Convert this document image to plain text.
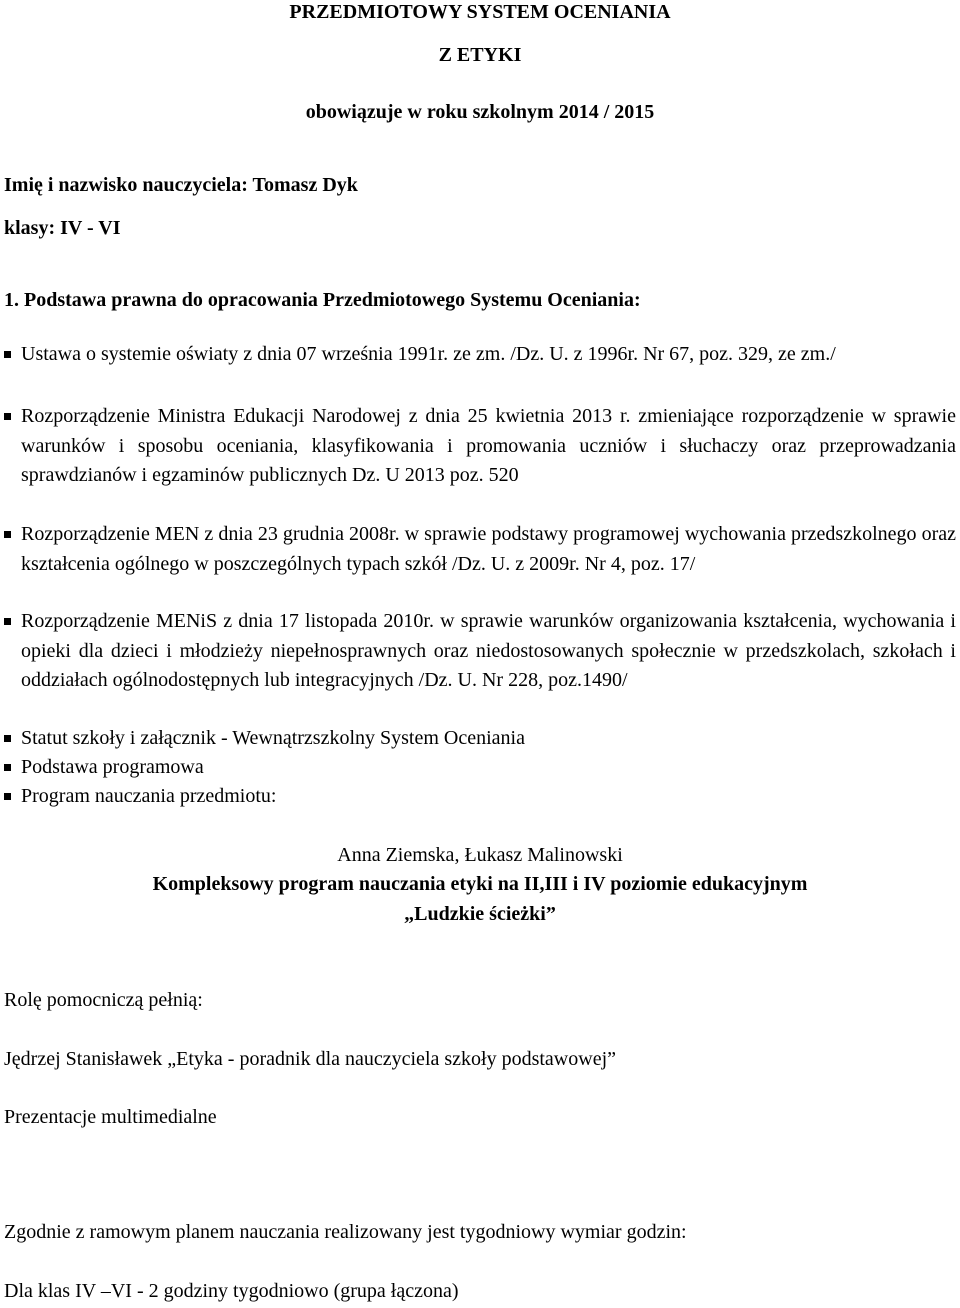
PRZEDMIOTOWY SYSTEM OCENIANIA
Z ETYKI
obowiązuje w roku szkolnym 2014 / 2015
Imię i nazwisko nauczyciela: Tomasz Dyk
klasy: IV - VI
1. Podstawa prawna do opracowania Przedmiotowego Systemu Oceniania:
Ustawa o systemie oświaty z dnia 07 września 1991r. ze zm. /Dz. U. z 1996r. Nr 67, poz. 329, ze zm./
Rozporządzenie Ministra Edukacji Narodowej z dnia 25 kwietnia 2013 r. zmieniające rozporządzenie w sprawie warunków i sposobu oceniania, klasyfikowania i promowania uczniów i słuchaczy oraz przeprowadzania sprawdzianów i egzaminów publicznych Dz. U 2013 poz. 520
Rozporządzenie MEN z dnia 23 grudnia 2008r. w sprawie podstawy programowej wychowania przedszkolnego oraz kształcenia ogólnego w poszczególnych typach szkół /Dz. U. z 2009r. Nr 4, poz. 17/
Rozporządzenie MENiS z dnia 17 listopada 2010r. w sprawie warunków organizowania kształcenia, wychowania i opieki dla dzieci i młodzieży niepełnosprawnych oraz niedostosowanych społecznie w przedszkolach, szkołach i oddziałach ogólnodostępnych lub integracyjnych /Dz. U. Nr 228, poz.1490/
Statut szkoły i załącznik - Wewnątrzszkolny System Oceniania
Podstawa programowa
Program nauczania przedmiotu:
Anna Ziemska, Łukasz Malinowski
Kompleksowy program nauczania etyki na II,III i IV poziomie edukacyjnym
„Ludzkie ścieżki”
Rolę pomocniczą pełnią:
Jędrzej Stanisławek „Etyka - poradnik dla nauczyciela szkoły podstawowej”
Prezentacje multimedialne
Zgodnie z ramowym planem nauczania realizowany jest tygodniowy wymiar godzin:
Dla klas IV –VI - 2 godziny tygodniowo (grupa łączona)
